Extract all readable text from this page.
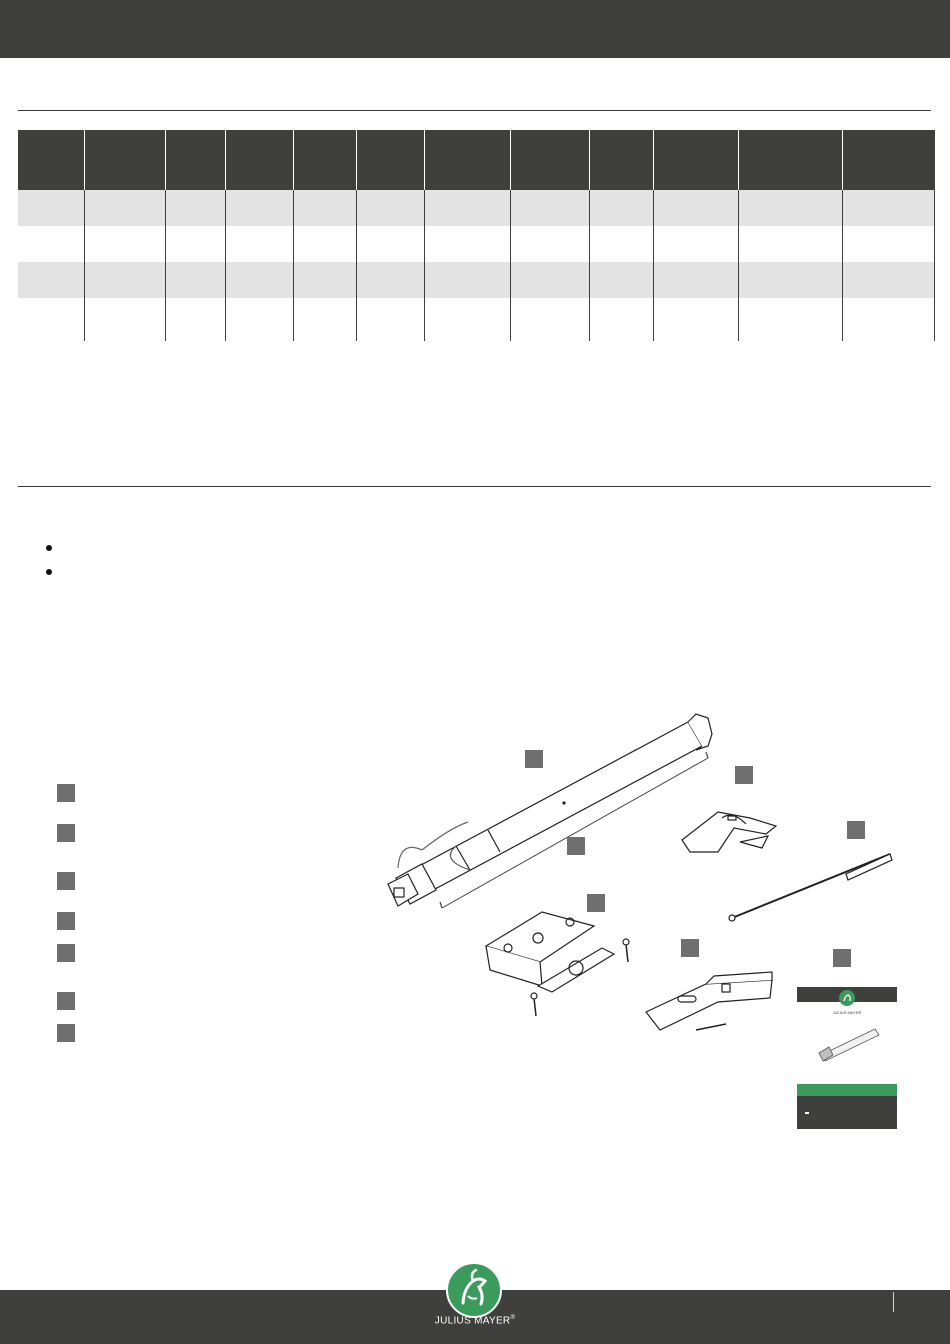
JULIUS MAYER
JULIUS MAYER®
